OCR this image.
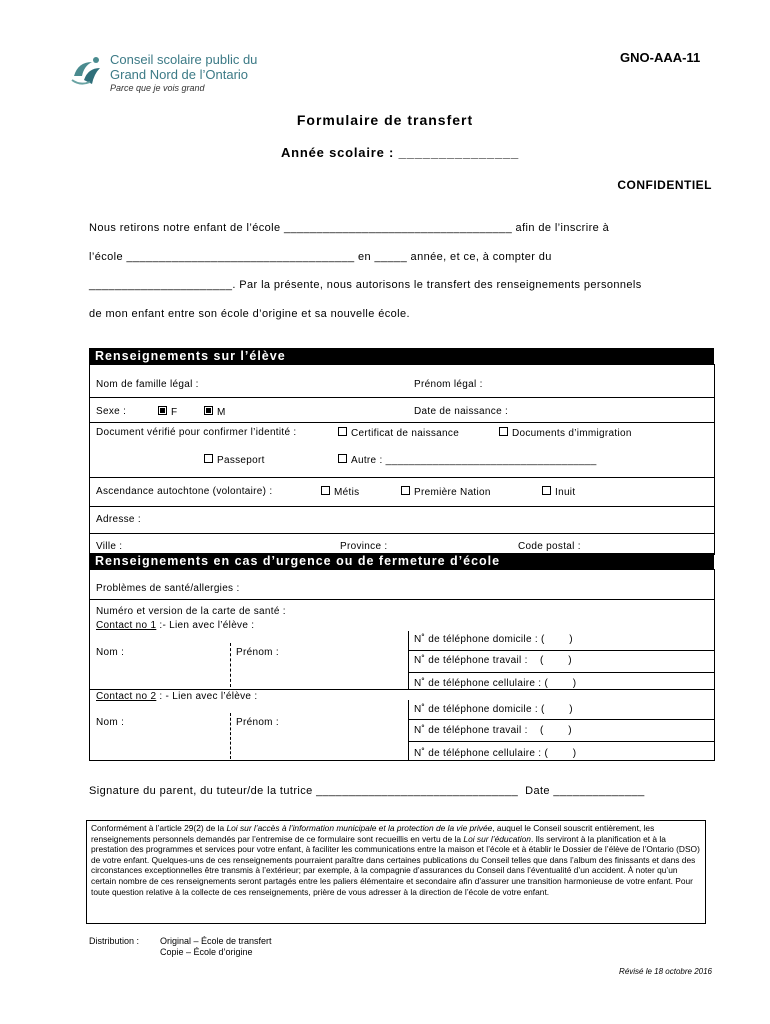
Conseil scolaire public du
Grand Nord de l’Ontario
Parce que je vois grand
GNO-AAA-11
Formulaire de transfert
Année scolaire : _______________
CONFIDENTIEL
Nous retirons notre enfant de l’école ___________________________________ afin de l’inscrire à
l’école ___________________________________ en _____ année, et ce, à compter du
______________________. Par la présente, nous autorisons le transfert des renseignements personnels
de mon enfant entre son école d’origine et sa nouvelle école.
Renseignements sur l’élève
Nom de famille légal :	Prénom légal :
Sexe :	F	M	Date de naissance :
Document vérifié pour confirmer l’identité :	Certificat de naissance	Documents d’immigration
Passeport	Autre : ____________________________________
Ascendance autochtone (volontaire) :	Métis	Première Nation	Inuit
Adresse :
Ville :	Province :	Code postal :
Renseignements en cas d’urgence ou de fermeture d’école
Problèmes de santé/allergies :
Numéro et version de la carte de santé :
Contact no 1 :- Lien avec l’élève :
Nom :	Prénom :
N˚ de téléphone domicile : (        )
N˚ de téléphone travail :    (        )
N˚ de téléphone cellulaire : (        )
Contact no 2 : - Lien avec l’élève :
Nom :	Prénom :
N˚ de téléphone domicile : (        )
N˚ de téléphone travail :    (        )
N˚ de téléphone cellulaire : (        )
Signature du parent, du tuteur/de la tutrice _______________________________  Date ______________

Conformément à l’article 29(2) de la Loi sur l’accès à l’information municipale et la protection de la vie privée, auquel le Conseil souscrit entièrement, les renseignements personnels demandés par l’entremise de ce formulaire sont recueillis en vertu de la Loi sur l’éducation. Ils serviront à la planification et à la prestation des programmes et services pour votre enfant, à faciliter les communications entre la maison et l’école et à établir le Dossier de l’élève de l’Ontario (DSO) de votre enfant. Quelques-uns de ces renseignements pourraient paraître dans certaines publications du Conseil telles que dans l’album des finissants et dans des circonstances exceptionnelles être transmis à l’extérieur; par exemple, à la compagnie d’assurances du Conseil dans l’éventualité d’un accident. À noter qu’un certain nombre de ces renseignements seront partagés entre les paliers élémentaire et secondaire afin d’assurer une transition harmonieuse de votre enfant. Pour toute question relative à la collecte de ces renseignements, prière de vous adresser à la direction de l’école de votre enfant.

Distribution : Original – École de transfert
Copie – École d’origine
Révisé le 18 octobre 2016
